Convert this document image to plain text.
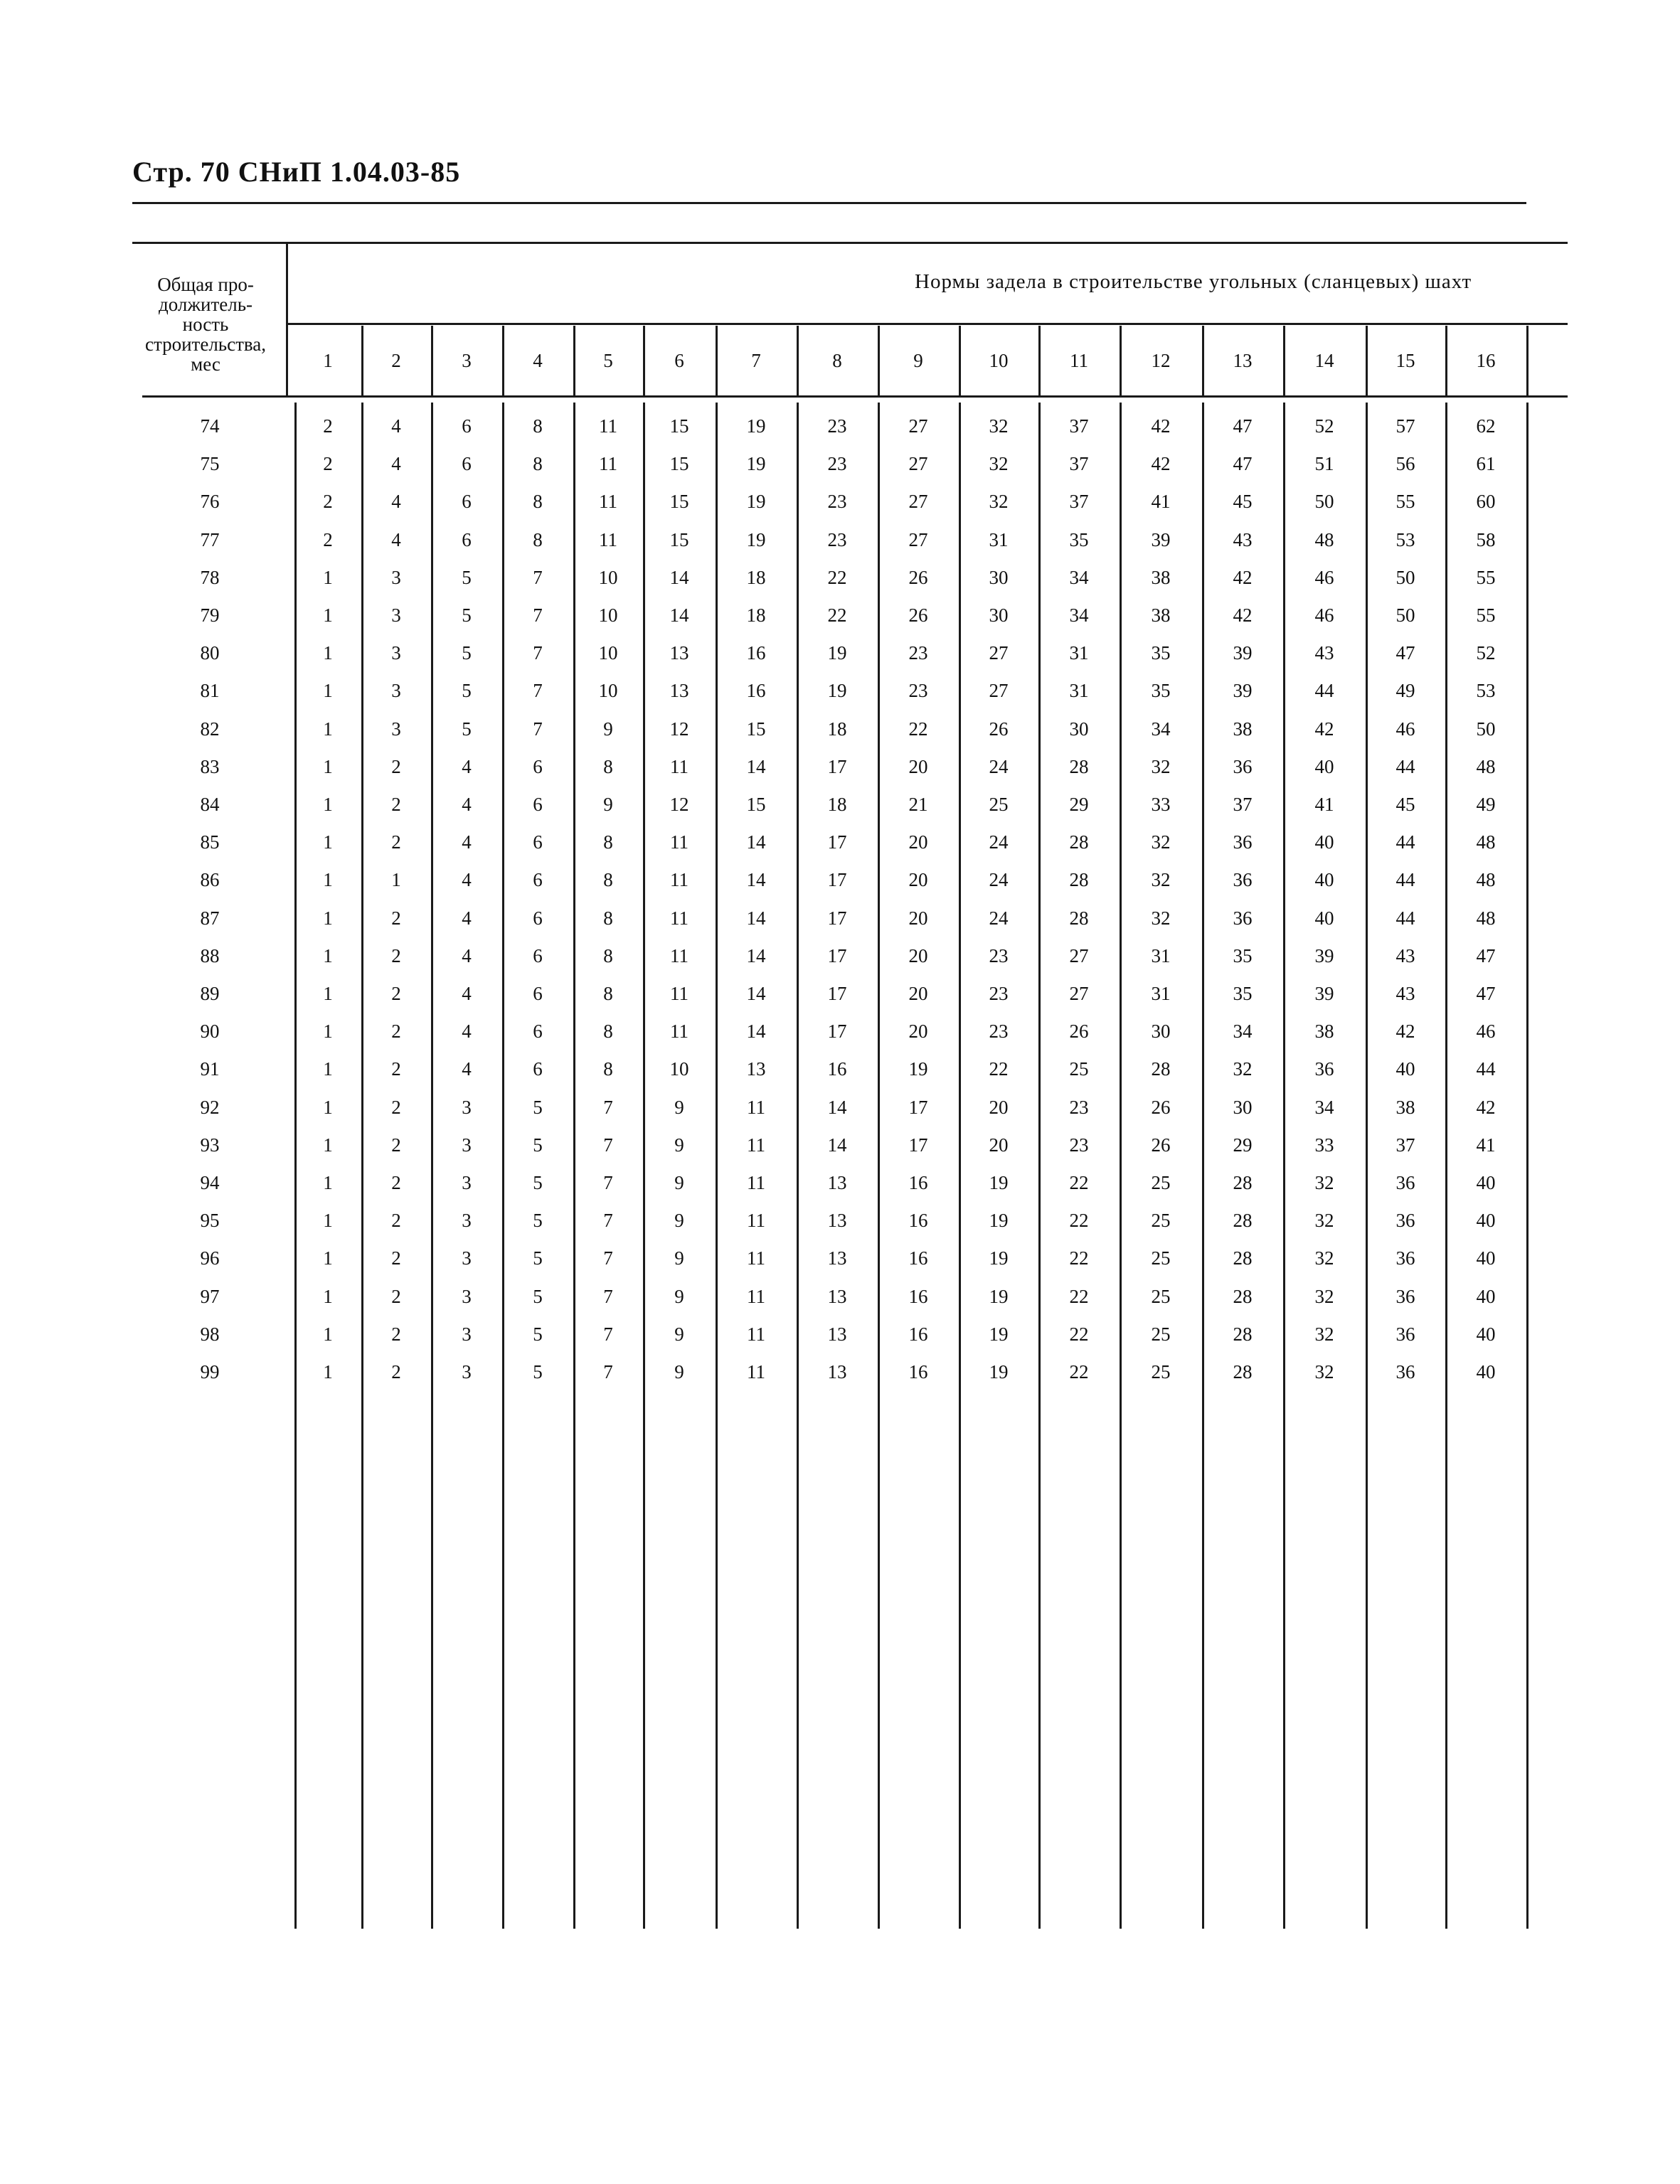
Стр. 70 СНиП 1.04.03-85
Общая про-
должитель-
ность
строительства,
мес
Нормы задела в строительстве угольных (сланцевых) шахт
1	2	3	4	5	6	7	8	9	10	11	12	13	14	15	16
74	2	4	6	8	11	15	19	23	27	32	37	42	47	52	57	62
75	2	4	6	8	11	15	19	23	27	32	37	42	47	51	56	61
76	2	4	6	8	11	15	19	23	27	32	37	41	45	50	55	60
77	2	4	6	8	11	15	19	23	27	31	35	39	43	48	53	58
78	1	3	5	7	10	14	18	22	26	30	34	38	42	46	50	55
79	1	3	5	7	10	14	18	22	26	30	34	38	42	46	50	55
80	1	3	5	7	10	13	16	19	23	27	31	35	39	43	47	52
81	1	3	5	7	10	13	16	19	23	27	31	35	39	44	49	53
82	1	3	5	7	9	12	15	18	22	26	30	34	38	42	46	50
83	1	2	4	6	8	11	14	17	20	24	28	32	36	40	44	48
84	1	2	4	6	9	12	15	18	21	25	29	33	37	41	45	49
85	1	2	4	6	8	11	14	17	20	24	28	32	36	40	44	48
86	1	1	4	6	8	11	14	17	20	24	28	32	36	40	44	48
87	1	2	4	6	8	11	14	17	20	24	28	32	36	40	44	48
88	1	2	4	6	8	11	14	17	20	23	27	31	35	39	43	47
89	1	2	4	6	8	11	14	17	20	23	27	31	35	39	43	47
90	1	2	4	6	8	11	14	17	20	23	26	30	34	38	42	46
91	1	2	4	6	8	10	13	16	19	22	25	28	32	36	40	44
92	1	2	3	5	7	9	11	14	17	20	23	26	30	34	38	42
93	1	2	3	5	7	9	11	14	17	20	23	26	29	33	37	41
94	1	2	3	5	7	9	11	13	16	19	22	25	28	32	36	40
95	1	2	3	5	7	9	11	13	16	19	22	25	28	32	36	40
96	1	2	3	5	7	9	11	13	16	19	22	25	28	32	36	40
97	1	2	3	5	7	9	11	13	16	19	22	25	28	32	36	40
98	1	2	3	5	7	9	11	13	16	19	22	25	28	32	36	40
99	1	2	3	5	7	9	11	13	16	19	22	25	28	32	36	40
